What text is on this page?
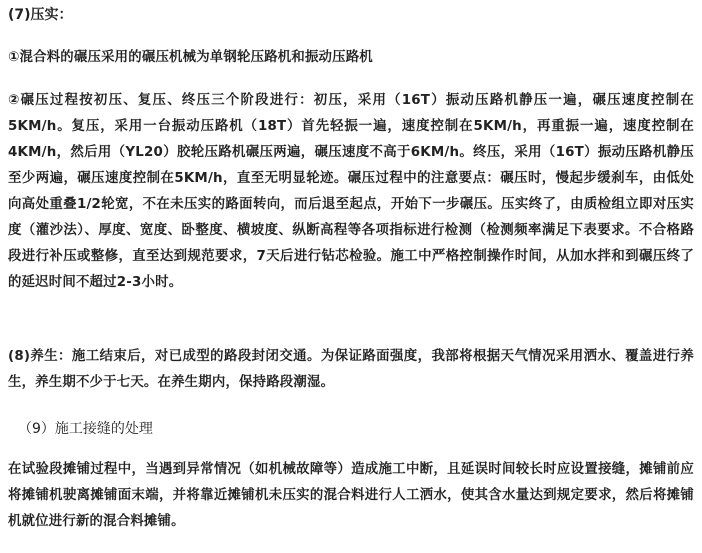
(7)压实：
①混合料的碾压采用的碾压机械为单钢轮压路机和振动压路机
②碾压过程按初压、复压、终压三个阶段进行：初压，采用（16T）振动压路机静压一遍，碾压速度控制在5KM/h。复压，采用一台振动压路机（18T）首先轻振一遍，速度控制在5KM/h，再重振一遍，速度控制在4KM/h，然后用（YL20）胶轮压路机碾压两遍，碾压速度不高于6KM/h。终压，采用（16T）振动压路机静压至少两遍，碾压速度控制在5KM/h，直至无明显轮迹。碾压过程中的注意要点：碾压时，慢起步缓刹车，由低处向高处重叠1/2轮宽，不在未压实的路面转向，而后退至起点，开始下一步碾压。压实终了，由质检组立即对压实度（灌沙法）、厚度、宽度、卧整度、横坡度、纵断高程等各项指标进行检测（检测频率满足下表要求。不合格路段进行补压或整修，直至达到规范要求，7天后进行钻芯检验。施工中严格控制操作时间，从加水拌和到碾压终了的延迟时间不超过2-3小时。
(8)养生：施工结束后，对已成型的路段封闭交通。为保证路面强度，我部将根据天气情况采用洒水、覆盖进行养生，养生期不少于七天。在养生期内，保持路段潮湿。
（9）施工接缝的处理
在试验段摊铺过程中，当遇到异常情况（如机械故障等）造成施工中断，且延误时间较长时应设置接缝，摊铺前应将摊铺机驶离摊铺面末端，并将靠近摊铺机未压实的混合料进行人工洒水，使其含水量达到规定要求，然后将摊铺机就位进行新的混合料摊铺。
